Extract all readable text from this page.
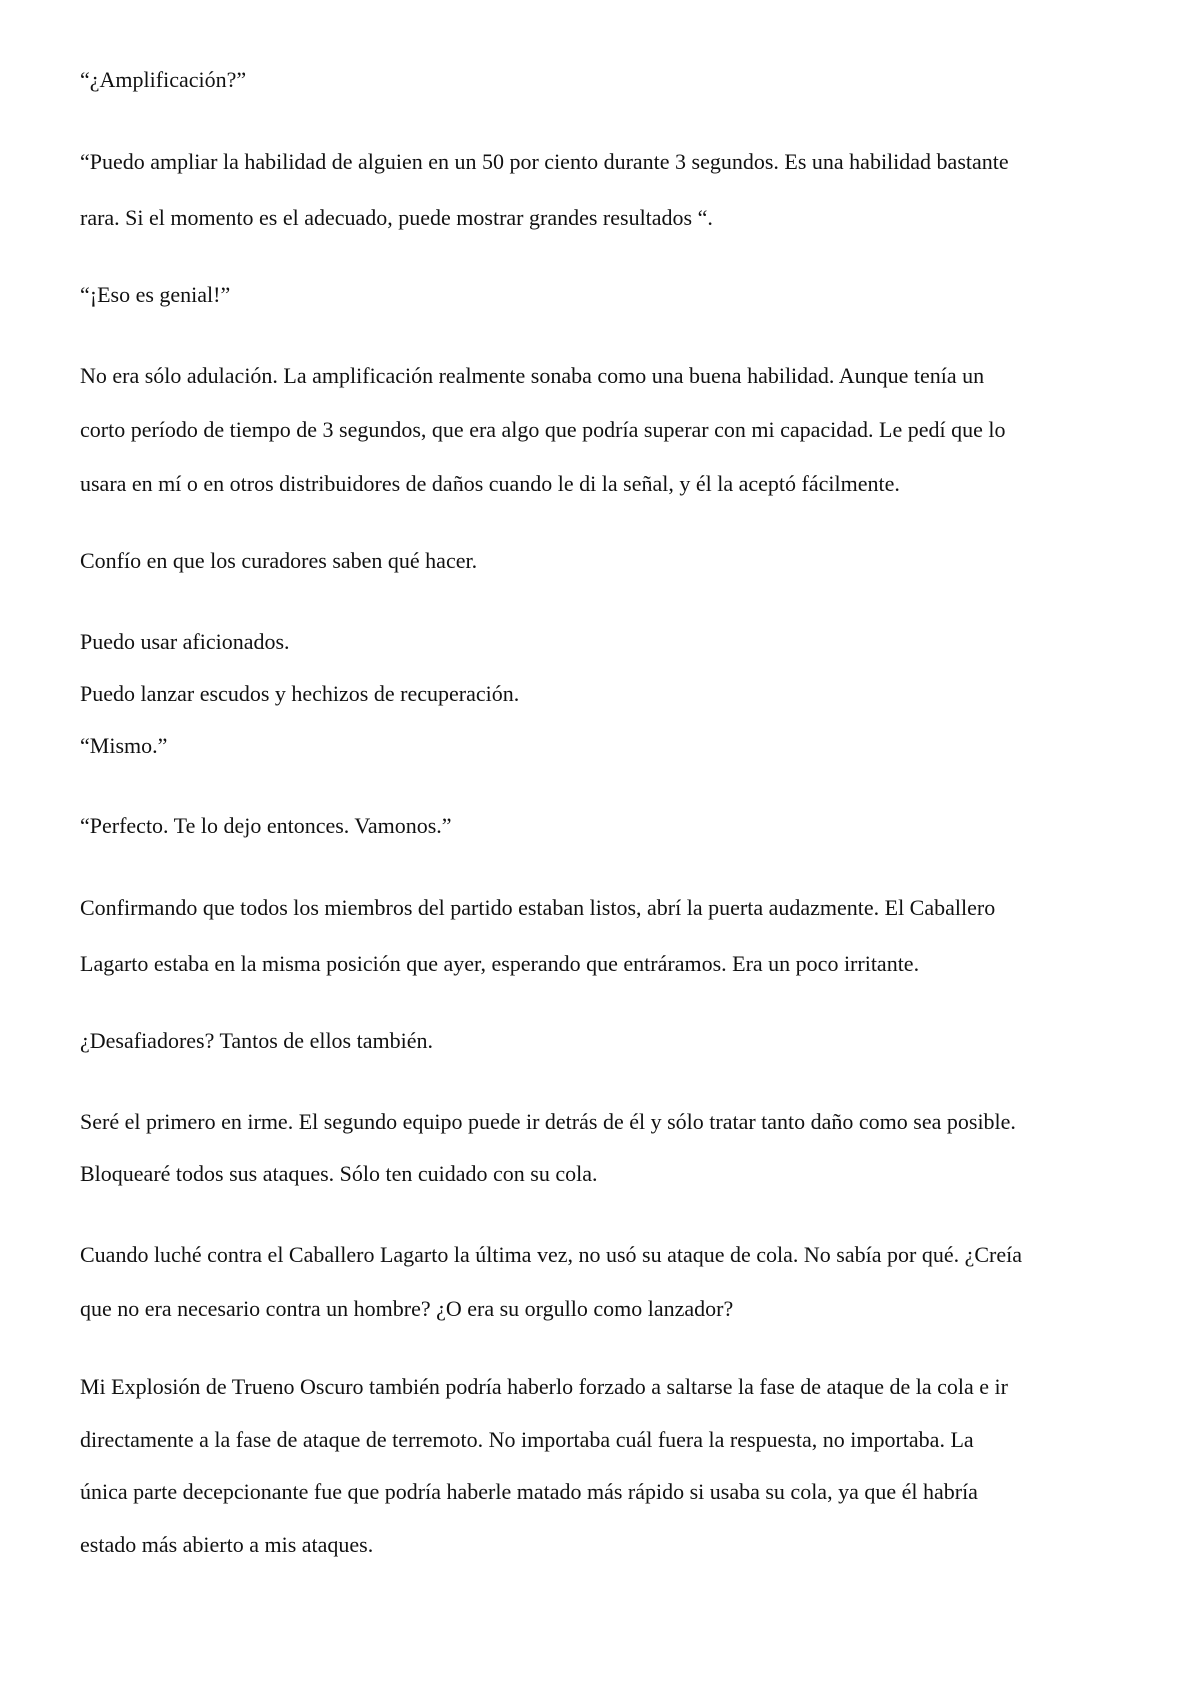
“¿Amplificación?”

“Puedo ampliar la habilidad de alguien en un 50 por ciento durante 3 segundos. Es una habilidad bastante

rara. Si el momento es el adecuado, puede mostrar grandes resultados “.

“¡Eso es genial!”

No era sólo adulación. La amplificación realmente sonaba como una buena habilidad. Aunque tenía un

corto período de tiempo de 3 segundos, que era algo que podría superar con mi capacidad. Le pedí que lo

usara en mí o en otros distribuidores de daños cuando le di la señal, y él la aceptó fácilmente.

Confío en que los curadores saben qué hacer.

Puedo usar aficionados.

Puedo lanzar escudos y hechizos de recuperación.

“Mismo.”

“Perfecto. Te lo dejo entonces. Vamonos.”

Confirmando que todos los miembros del partido estaban listos, abrí la puerta audazmente. El Caballero

Lagarto estaba en la misma posición que ayer, esperando que entráramos. Era un poco irritante.

¿Desafiadores? Tantos de ellos también.

Seré el primero en irme. El segundo equipo puede ir detrás de él y sólo tratar tanto daño como sea posible.

Bloquearé todos sus ataques. Sólo ten cuidado con su cola.

Cuando luché contra el Caballero Lagarto la última vez, no usó su ataque de cola. No sabía por qué. ¿Creía

que no era necesario contra un hombre? ¿O era su orgullo como lanzador?

Mi Explosión de Trueno Oscuro también podría haberlo forzado a saltarse la fase de ataque de la cola e ir

directamente a la fase de ataque de terremoto. No importaba cuál fuera la respuesta, no importaba. La

única parte decepcionante fue que podría haberle matado más rápido si usaba su cola, ya que él habría

estado más abierto a mis ataques.
